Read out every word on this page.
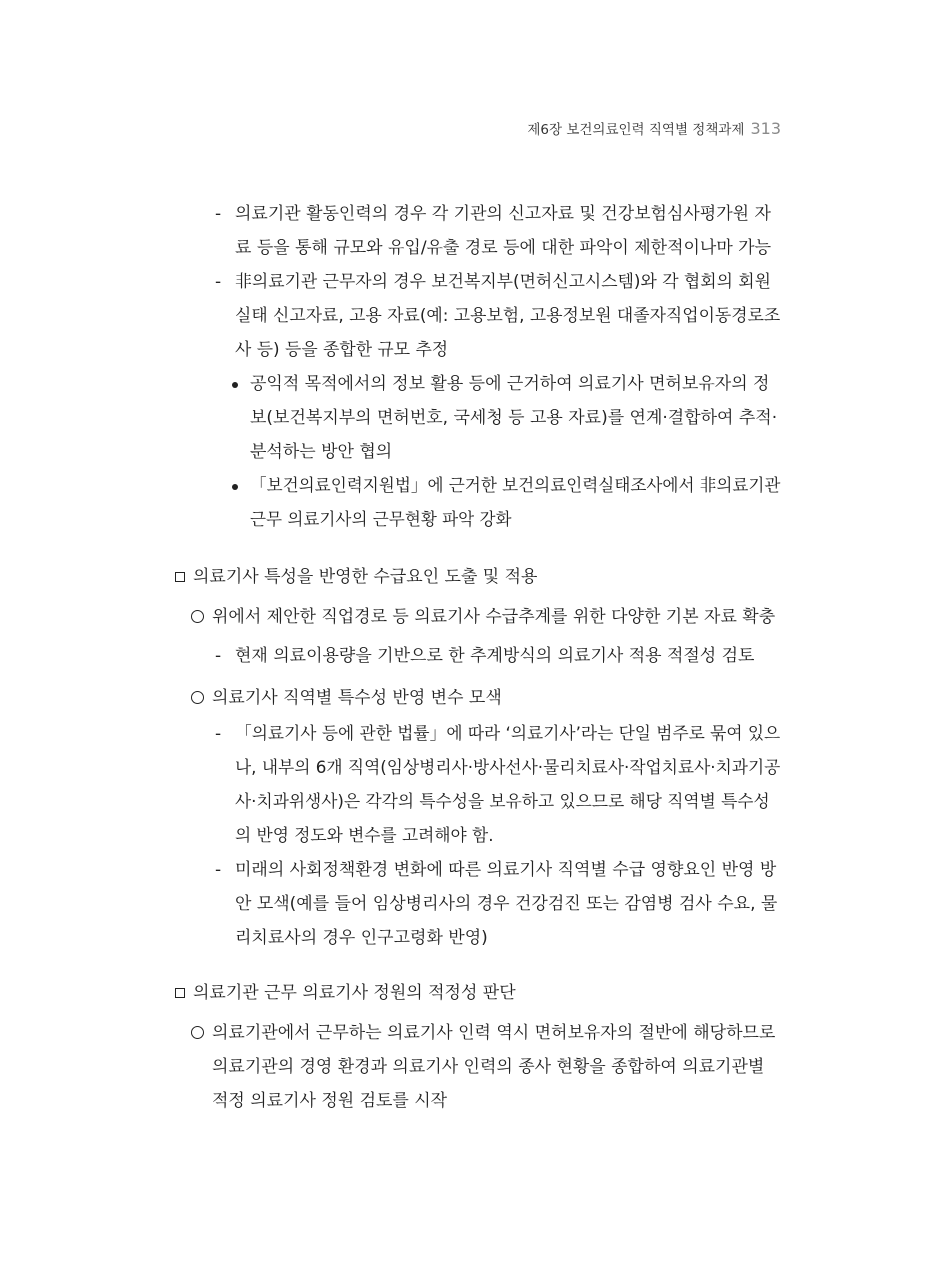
제6장 보건의료인력 직역별 정책과제 313
- 의료기관 활동인력의 경우 각 기관의 신고자료 및 건강보험심사평가원 자
료 등을 통해 규모와 유입/유출 경로 등에 대한 파악이 제한적이나마 가능
- 非의료기관 근무자의 경우 보건복지부(면허신고시스템)와 각 협회의 회원
실태 신고자료, 고용 자료(예: 고용보험, 고용정보원 대졸자직업이동경로조
사 등) 등을 종합한 규모 추정
공익적 목적에서의 정보 활용 등에 근거하여 의료기사 면허보유자의 정
보(보건복지부의 면허번호, 국세청 등 고용 자료)를 연계·결합하여 추적·
분석하는 방안 협의
「보건의료인력지원법」에 근거한 보건의료인력실태조사에서 非의료기관
근무 의료기사의 근무현황 파악 강화
의료기사 특성을 반영한 수급요인 도출 및 적용
위에서 제안한 직업경로 등 의료기사 수급추계를 위한 다양한 기본 자료 확충
- 현재 의료이용량을 기반으로 한 추계방식의 의료기사 적용 적절성 검토
의료기사 직역별 특수성 반영 변수 모색
- 「의료기사 등에 관한 법률」에 따라 ‘의료기사’라는 단일 범주로 묶여 있으
나, 내부의 6개 직역(임상병리사·방사선사·물리치료사·작업치료사·치과기공
사·치과위생사)은 각각의 특수성을 보유하고 있으므로 해당 직역별 특수성
의 반영 정도와 변수를 고려해야 함.
- 미래의 사회정책환경 변화에 따른 의료기사 직역별 수급 영향요인 반영 방
안 모색(예를 들어 임상병리사의 경우 건강검진 또는 감염병 검사 수요, 물
리치료사의 경우 인구고령화 반영)
의료기관 근무 의료기사 정원의 적정성 판단
의료기관에서 근무하는 의료기사 인력 역시 면허보유자의 절반에 해당하므로
의료기관의 경영 환경과 의료기사 인력의 종사 현황을 종합하여 의료기관별
적정 의료기사 정원 검토를 시작
